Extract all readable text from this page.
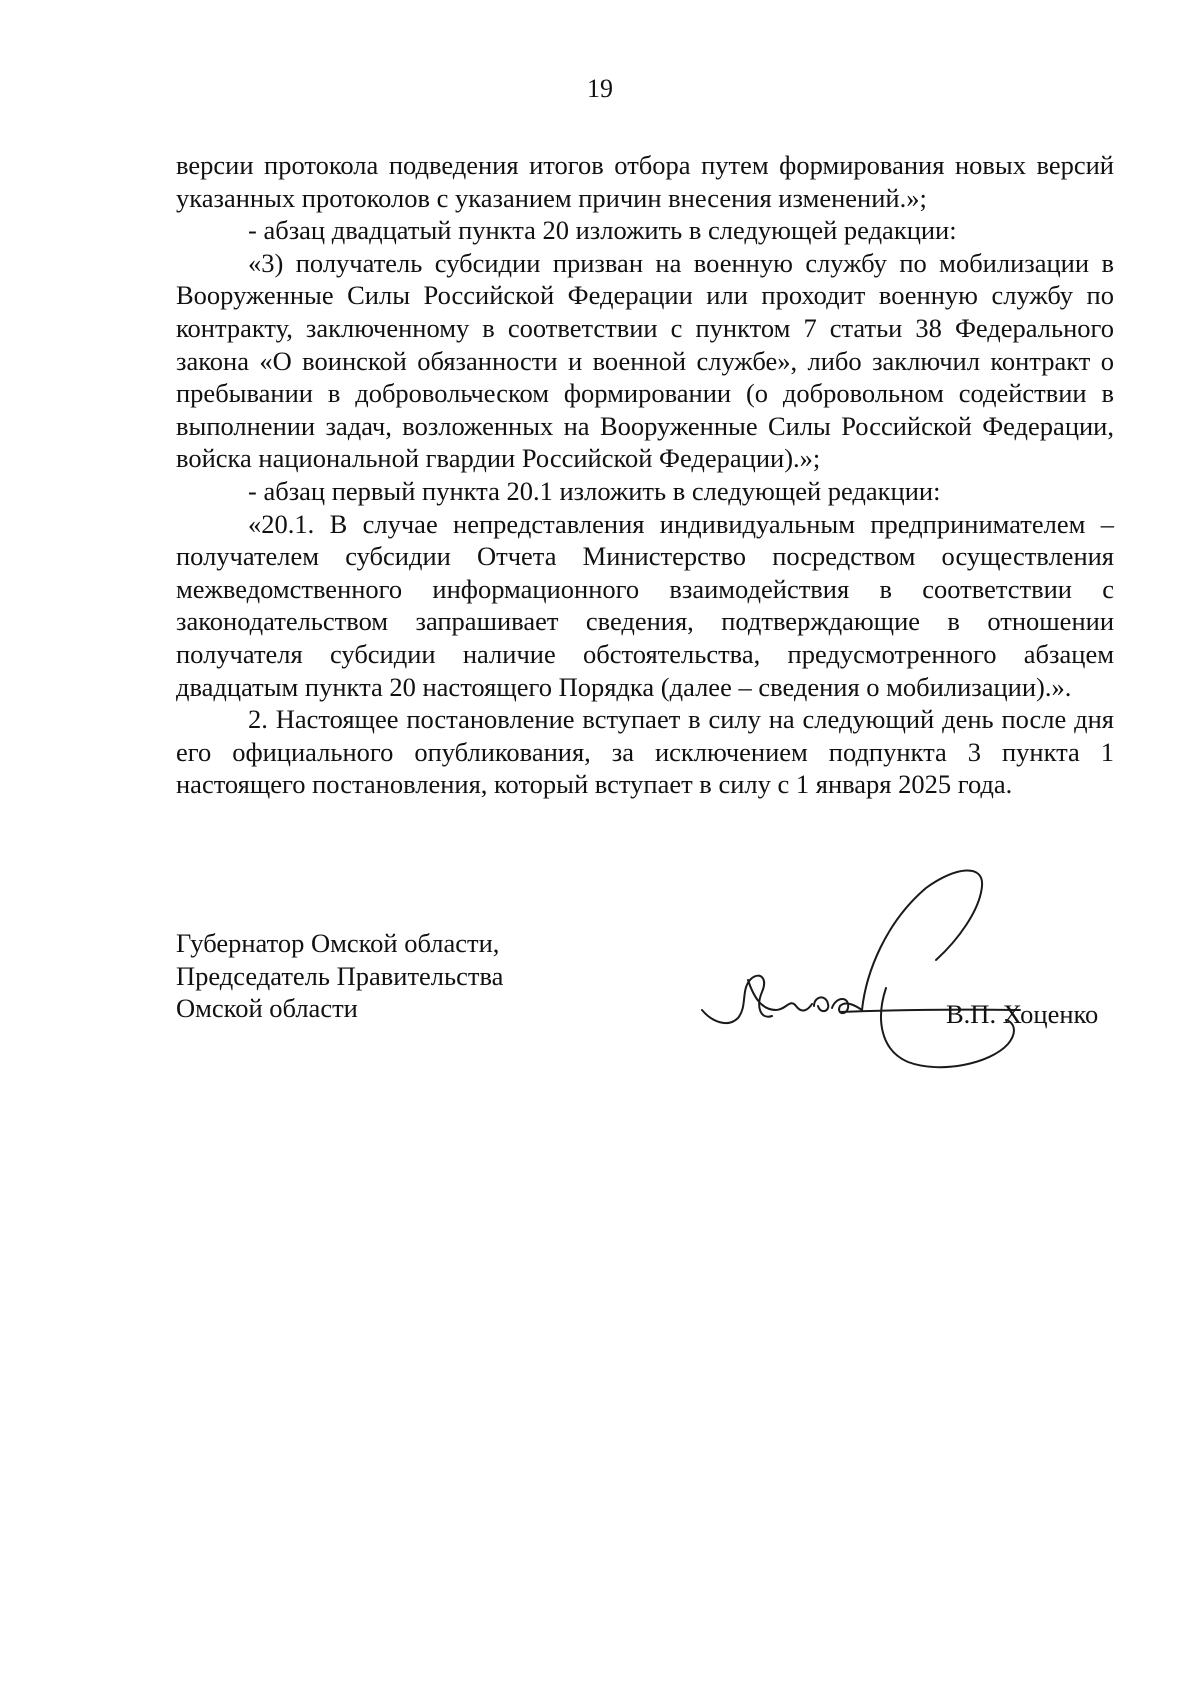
19

версии протокола подведения итогов отбора путем формирования новых версий указанных протоколов с указанием причин внесения изменений.»;

- абзац двадцатый пункта 20 изложить в следующей редакции:

«3) получатель субсидии призван на военную службу по мобилизации в Вооруженные Силы Российской Федерации или проходит военную службу по контракту, заключенному в соответствии с пунктом 7 статьи 38 Федерального закона «О воинской обязанности и военной службе», либо заключил контракт о пребывании в добровольческом формировании (о добровольном содействии в выполнении задач, возложенных на Вооруженные Силы Российской Федерации, войска национальной гвардии Российской Федерации).»;

- абзац первый пункта 20.1 изложить в следующей редакции:

«20.1. В случае непредставления индивидуальным предпринимателем – получателем субсидии Отчета Министерство посредством осуществления межведомственного информационного взаимодействия в соответствии с законодательством запрашивает сведения, подтверждающие в отношении получателя субсидии наличие обстоятельства, предусмотренного абзацем двадцатым пункта 20 настоящего Порядка (далее – сведения о мобилизации).».

2. Настоящее постановление вступает в силу на следующий день после дня его официального опубликования, за исключением подпункта 3 пункта 1 настоящего постановления, который вступает в силу с 1 января 2025 года.

Губернатор Омской области,
Председатель Правительства
Омской области	В.П. Хоценко
